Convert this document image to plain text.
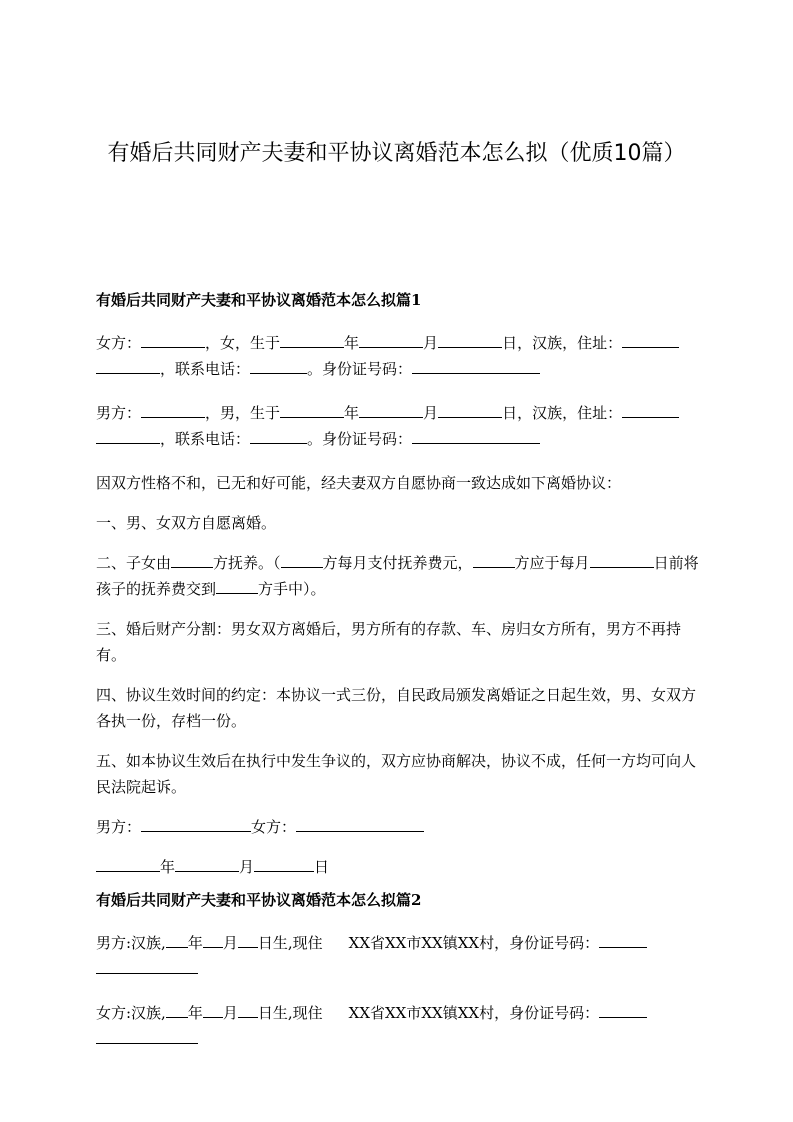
有婚后共同财产夫妻和平协议离婚范本怎么拟（优质10篇）

有婚后共同财产夫妻和平协议离婚范本怎么拟篇1

女方：	，女，生于	年	月	日，汉族，住址：，联系电话：	。身份证号码：

男方：	，男，生于	年	月	日，汉族，住址：，联系电话：	。身份证号码：

因双方性格不和，已无和好可能，经夫妻双方自愿协商一致达成如下离婚协议：

一、男、女双方自愿离婚。

二、子女由	方抚养。（	方每月支付抚养费元，	方应于每月	日前将孩子的抚养费交到	方手中）。

三、婚后财产分割：男女双方离婚后，男方所有的存款、车、房归女方所有，男方不再持有。

四、协议生效时间的约定：本协议一式三份，自民政局颁发离婚证之日起生效，男、女双方各执一份，存档一份。

五、如本协议生效后在执行中发生争议的，双方应协商解决，协议不成，任何一方均可向人民法院起诉。

男方：	女方：

年	月	日

有婚后共同财产夫妻和平协议离婚范本怎么拟篇2

男方:汉族, 年 月 日生,现住 XX省XX市XX镇XX村，身份证号码：

女方:汉族, 年 月 日生,现住 XX省XX市XX镇XX村，身份证号码：
